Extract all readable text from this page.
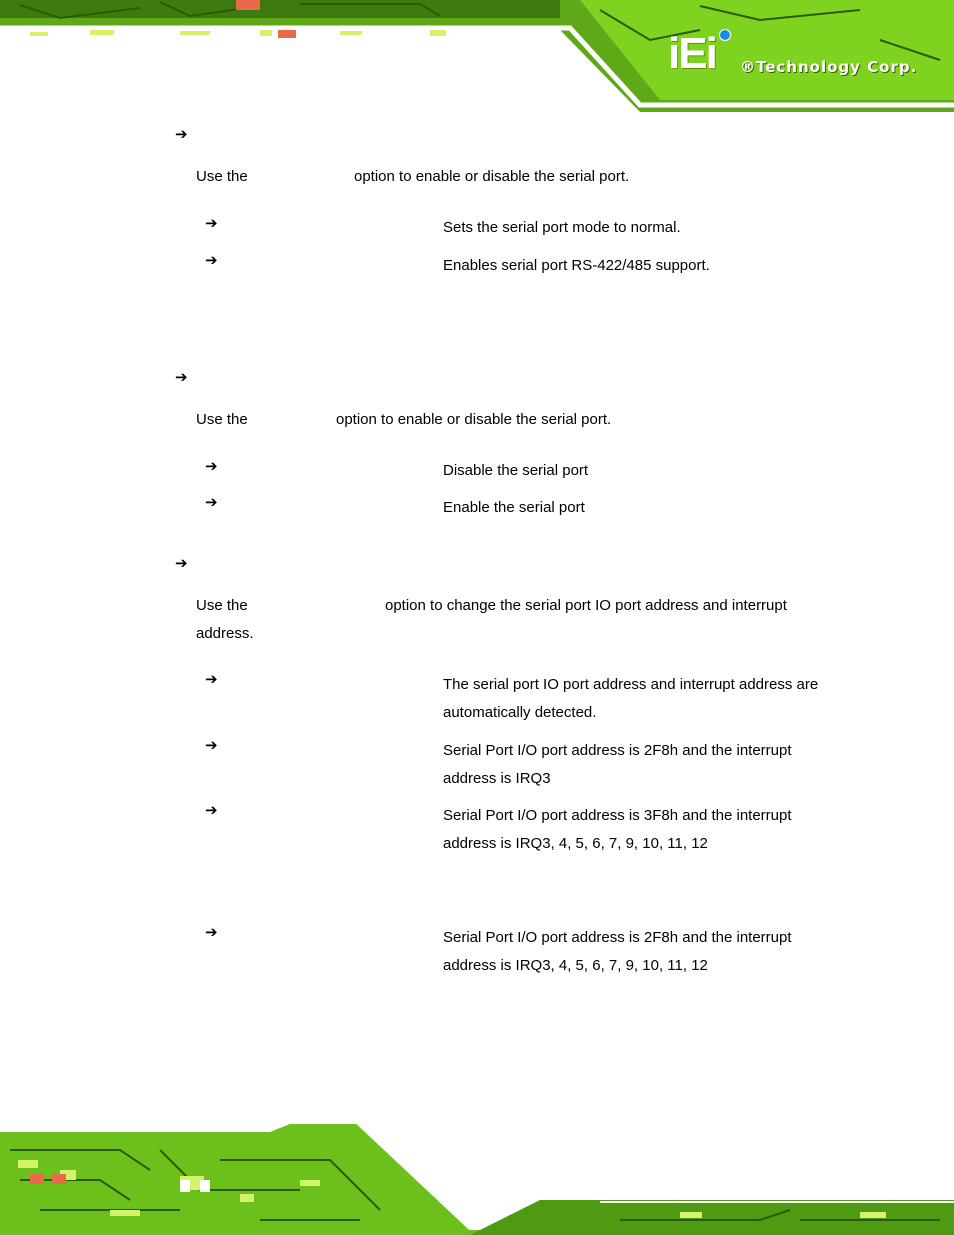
iEi ®Technology Corp.
➔
Use the	option to enable or disable the serial port.
➔	Sets the serial port mode to normal.
➔	Enables serial port RS-422/485 support.
➔
Use the	option to enable or disable the serial port.
➔	Disable the serial port
➔	Enable the serial port
➔
Use the	option to change the serial port IO port address and interrupt
address.
➔	The serial port IO port address and interrupt address are automatically detected.
➔	Serial Port I/O port address is 2F8h and the interrupt address is IRQ3
➔	Serial Port I/O port address is 3F8h and the interrupt address is IRQ3, 4, 5, 6, 7, 9, 10, 11, 12
➔	Serial Port I/O port address is 2F8h and the interrupt address is IRQ3, 4, 5, 6, 7, 9, 10, 11, 12
